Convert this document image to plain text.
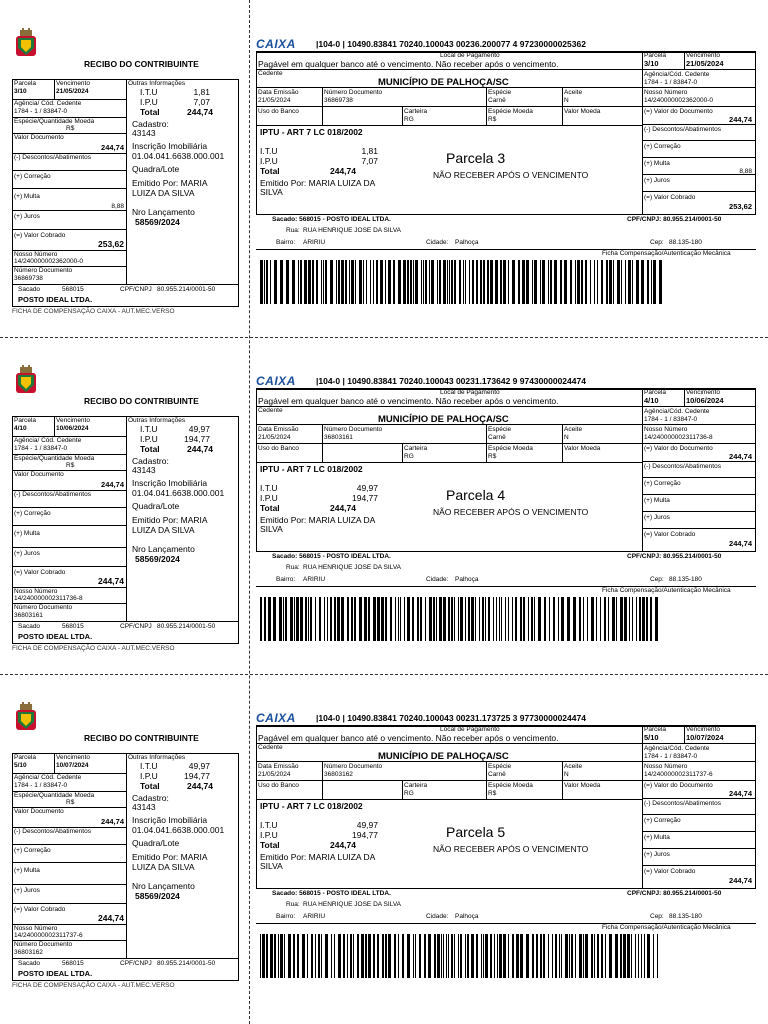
RECIBO DO CONTRIBUINTE
Parcela
3/10
Vencimento
21/05/2024
Agência/ Cód. Cedente
1784 - 1 / 83847-0
Espécie/Quantidade Moeda
R$
Valor Documento
244,74
(-) Descontos/Abatimentos
(+) Correção
(+) Multa
8,88
(+) Juros
(=) Valor Cobrado
253,62
Nosso Número
14/240000002362000-0
Número Documento
36869738
Sacado	568015	CPF/CNPJ 80.955.214/0001-50
POSTO IDEAL LTDA.
FICHA DE COMPENSAÇÃO CAIXA - AUT.MEC.VERSO
Outras Informações
I.T.U	1,81
I.P.U	7,07
Total	244,74
Cadastro:
43143
Inscrição Imobiliária
01.04.041.6638.000.001
Quadra/Lote
Emitido Por: MARIA
LUIZA DA SILVA
Nro Lançamento
58569/2024
CAIXA |104-0 | 10490.83841 70240.100043 00236.200077 4 97230000025362
Local de Pagamento
Pagável em qualquer banco até o vencimento. Não receber após o vencimento.
Cedente
MUNICÍPIO DE PALHOÇA/SC
Data Emissão
21/05/2024
Número Documento
36869738
Espécie
Carnê
Aceite
N
Uso do Banco	Carteira
RG
Espécie Moeda
R$
Valor Moeda
Parcela
3/10
Vencimento
21/05/2024
Agência/Cód. Cedente
1784 - 1 / 83847-0
Nosso Número
14/240000002362000-0
(=) Valor do Documento
244,74
(-) Descontos/Abatimentos
(+) Correção
(+) Multa
8,88
(+) Juros
(=) Valor Cobrado
253,62
IPTU - ART 7 LC 018/2002
I.T.U	1,81
I.P.U	7,07
Total	244,74
Emitido Por: MARIA LUIZA DA
SILVA
Parcela 3
NÃO RECEBER APÓS O VENCIMENTO
Sacado: 568015 - POSTO IDEAL LTDA.	CPF/CNPJ: 80.955.214/0001-50
Rua: RUA HENRIQUE JOSE DA SILVA
Bairro: ARIRIU	Cidade: Palhoça	Cep: 88.135-180
Ficha Compensação/Autenticação Mecânica
RECIBO DO CONTRIBUINTE
Parcela
4/10
Vencimento
10/06/2024
Agência/ Cód. Cedente
1784 - 1 / 83847-0
Espécie/Quantidade Moeda
R$
Valor Documento
244,74
(-) Descontos/Abatimentos
(+) Correção
(+) Multa
(+) Juros
(=) Valor Cobrado
244,74
Nosso Número
14/240000002311736-8
Número Documento
36803161
Sacado	568015	CPF/CNPJ 80.955.214/0001-50
POSTO IDEAL LTDA.
FICHA DE COMPENSAÇÃO CAIXA - AUT.MEC.VERSO
Outras Informações
I.T.U	49,97
I.P.U	194,77
Total	244,74
Cadastro:
43143
Inscrição Imobiliária
01.04.041.6638.000.001
Quadra/Lote
Emitido Por: MARIA
LUIZA DA SILVA
Nro Lançamento
58569/2024
CAIXA |104-0 | 10490.83841 70240.100043 00231.173642 9 97430000024474
Local de Pagamento
Pagável em qualquer banco até o vencimento. Não receber após o vencimento.
Cedente
MUNICÍPIO DE PALHOÇA/SC
Data Emissão
21/05/2024
Número Documento
36803161
Espécie
Carnê
Aceite
N
Uso do Banco	Carteira
RG
Espécie Moeda
R$
Valor Moeda
Parcela
4/10
Vencimento
10/06/2024
Agência/Cód. Cedente
1784 - 1 / 83847-0
Nosso Número
14/240000002311736-8
(=) Valor do Documento
244,74
(-) Descontos/Abatimentos
(+) Correção
(+) Multa
(+) Juros
(=) Valor Cobrado
244,74
IPTU - ART 7 LC 018/2002
I.T.U	49,97
I.P.U	194,77
Total	244,74
Emitido Por: MARIA LUIZA DA
SILVA
Parcela 4
NÃO RECEBER APÓS O VENCIMENTO
Sacado: 568015 - POSTO IDEAL LTDA.	CPF/CNPJ: 80.955.214/0001-50
Rua: RUA HENRIQUE JOSE DA SILVA
Bairro: ARIRIU	Cidade: Palhoça	Cep: 88.135-180
Ficha Compensação/Autenticação Mecânica
RECIBO DO CONTRIBUINTE
Parcela
5/10
Vencimento
10/07/2024
Agência/ Cód. Cedente
1784 - 1 / 83847-0
Espécie/Quantidade Moeda
R$
Valor Documento
244,74
(-) Descontos/Abatimentos
(+) Correção
(+) Multa
(+) Juros
(=) Valor Cobrado
244,74
Nosso Número
14/240000002311737-6
Número Documento
36803162
Sacado	568015	CPF/CNPJ 80.955.214/0001-50
POSTO IDEAL LTDA.
FICHA DE COMPENSAÇÃO CAIXA - AUT.MEC.VERSO
Outras Informações
I.T.U	49,97
I.P.U	194,77
Total	244,74
Cadastro:
43143
Inscrição Imobiliária
01.04.041.6638.000.001
Quadra/Lote
Emitido Por: MARIA
LUIZA DA SILVA
Nro Lançamento
58569/2024
CAIXA |104-0 | 10490.83841 70240.100043 00231.173725 3 97730000024474
Local de Pagamento
Pagável em qualquer banco até o vencimento. Não receber após o vencimento.
Cedente
MUNICÍPIO DE PALHOÇA/SC
Data Emissão
21/05/2024
Número Documento
36803162
Espécie
Carnê
Aceite
N
Uso do Banco	Carteira
RG
Espécie Moeda
R$
Valor Moeda
Parcela
5/10
Vencimento
10/07/2024
Agência/Cód. Cedente
1784 - 1 / 83847-0
Nosso Número
14/240000002311737-6
(=) Valor do Documento
244,74
(-) Descontos/Abatimentos
(+) Correção
(+) Multa
(+) Juros
(=) Valor Cobrado
244,74
IPTU - ART 7 LC 018/2002
I.T.U	49,97
I.P.U	194,77
Total	244,74
Emitido Por: MARIA LUIZA DA
SILVA
Parcela 5
NÃO RECEBER APÓS O VENCIMENTO
Sacado: 568015 - POSTO IDEAL LTDA.	CPF/CNPJ: 80.955.214/0001-50
Rua: RUA HENRIQUE JOSE DA SILVA
Bairro: ARIRIU	Cidade: Palhoça	Cep: 88.135-180
Ficha Compensação/Autenticação Mecânica
